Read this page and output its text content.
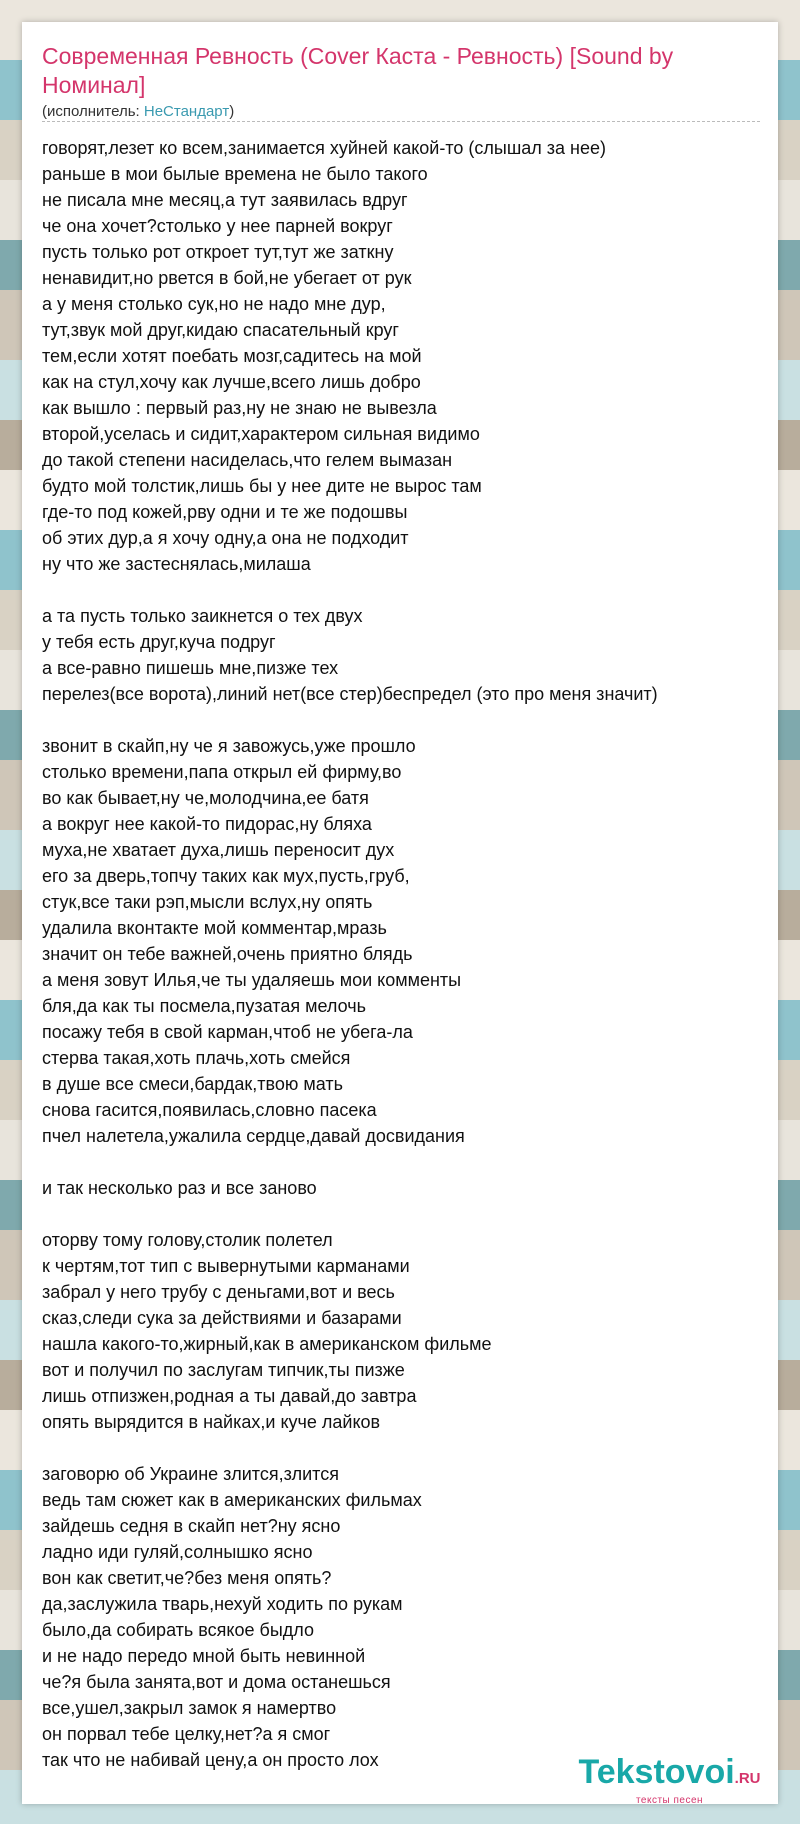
Современная Ревность (Cover Каста - Ревность) [Sound by Номинал]
(исполнитель: НеСтандарт)
говорят,лезет ко всем,занимается хуйней какой-то (слышал за нее)
раньше в мои былые времена не было такого
не писала мне месяц,а тут заявилась вдруг
че она хочет?столько у нее парней вокруг
пусть только рот откроет тут,тут же заткну
ненавидит,но рвется в бой,не убегает от рук
а у меня столько сук,но не надо мне дур,
тут,звук мой друг,кидаю спасательный круг
тем,если хотят поебать мозг,садитесь на мой
как на стул,хочу как лучше,всего лишь добро
как вышло : первый раз,ну не знаю не вывезла
второй,уселась и сидит,характером сильная видимо
до такой степени насиделась,что гелем вымазан
будто мой толстик,лишь бы у нее дите не вырос там
где-то под кожей,рву одни и те же подошвы
об этих дур,а я хочу одну,а она не подходит
ну что же застеснялась,милаша
а та пусть только заикнется о тех двух
у тебя есть друг,куча подруг
а все-равно пишешь мне,пизже тех
перелез(все ворота),линий нет(все стер)беспредел (это про меня значит)
звонит в скайп,ну че я завожусь,уже прошло
столько времени,папа открыл ей фирму,во
во как бывает,ну че,молодчина,ее батя
а вокруг нее какой-то пидорас,ну бляха
муха,не хватает духа,лишь переносит дух
его за дверь,топчу таких как мух,пусть,груб,
стук,все таки рэп,мысли вслух,ну опять
удалила вконтакте мой комментар,мразь
значит он тебе важней,очень приятно блядь
а меня зовут Илья,че ты удаляешь мои комменты
бля,да как ты посмела,пузатая мелочь
посажу тебя в свой карман,чтоб не убега-ла
стерва такая,хоть плачь,хоть смейся
в душе все смеси,бардак,твою мать
снова гасится,появилась,словно пасека
пчел налетела,ужалила сердце,давай досвидания
и так несколько раз и все заново
оторву тому голову,столик полетел
к чертям,тот тип с вывернутыми карманами
забрал у него трубу с деньгами,вот и весь
сказ,следи сука за действиями и базарами
нашла какого-то,жирный,как в американском фильме
вот и получил по заслугам типчик,ты пизже
лишь отпизжен,родная а ты давай,до завтра
опять вырядится в найках,и куче лайков
заговорю об Украине злится,злится
ведь там сюжет как в американских фильмах
зайдешь седня в скайп нет?ну ясно
ладно иди гуляй,солнышко ясно
вон как светит,че?без меня опять?
да,заслужила тварь,нехуй ходить по рукам
было,да собирать всякое быдло
и не надо передо мной быть невинной
че?я была занята,вот и дома останешься
все,ушел,закрыл замок я намертво
он порвал тебе целку,нет?а я смог
так что не набивай цену,а он просто лох	Tekstovoi.RU
тексты песен
